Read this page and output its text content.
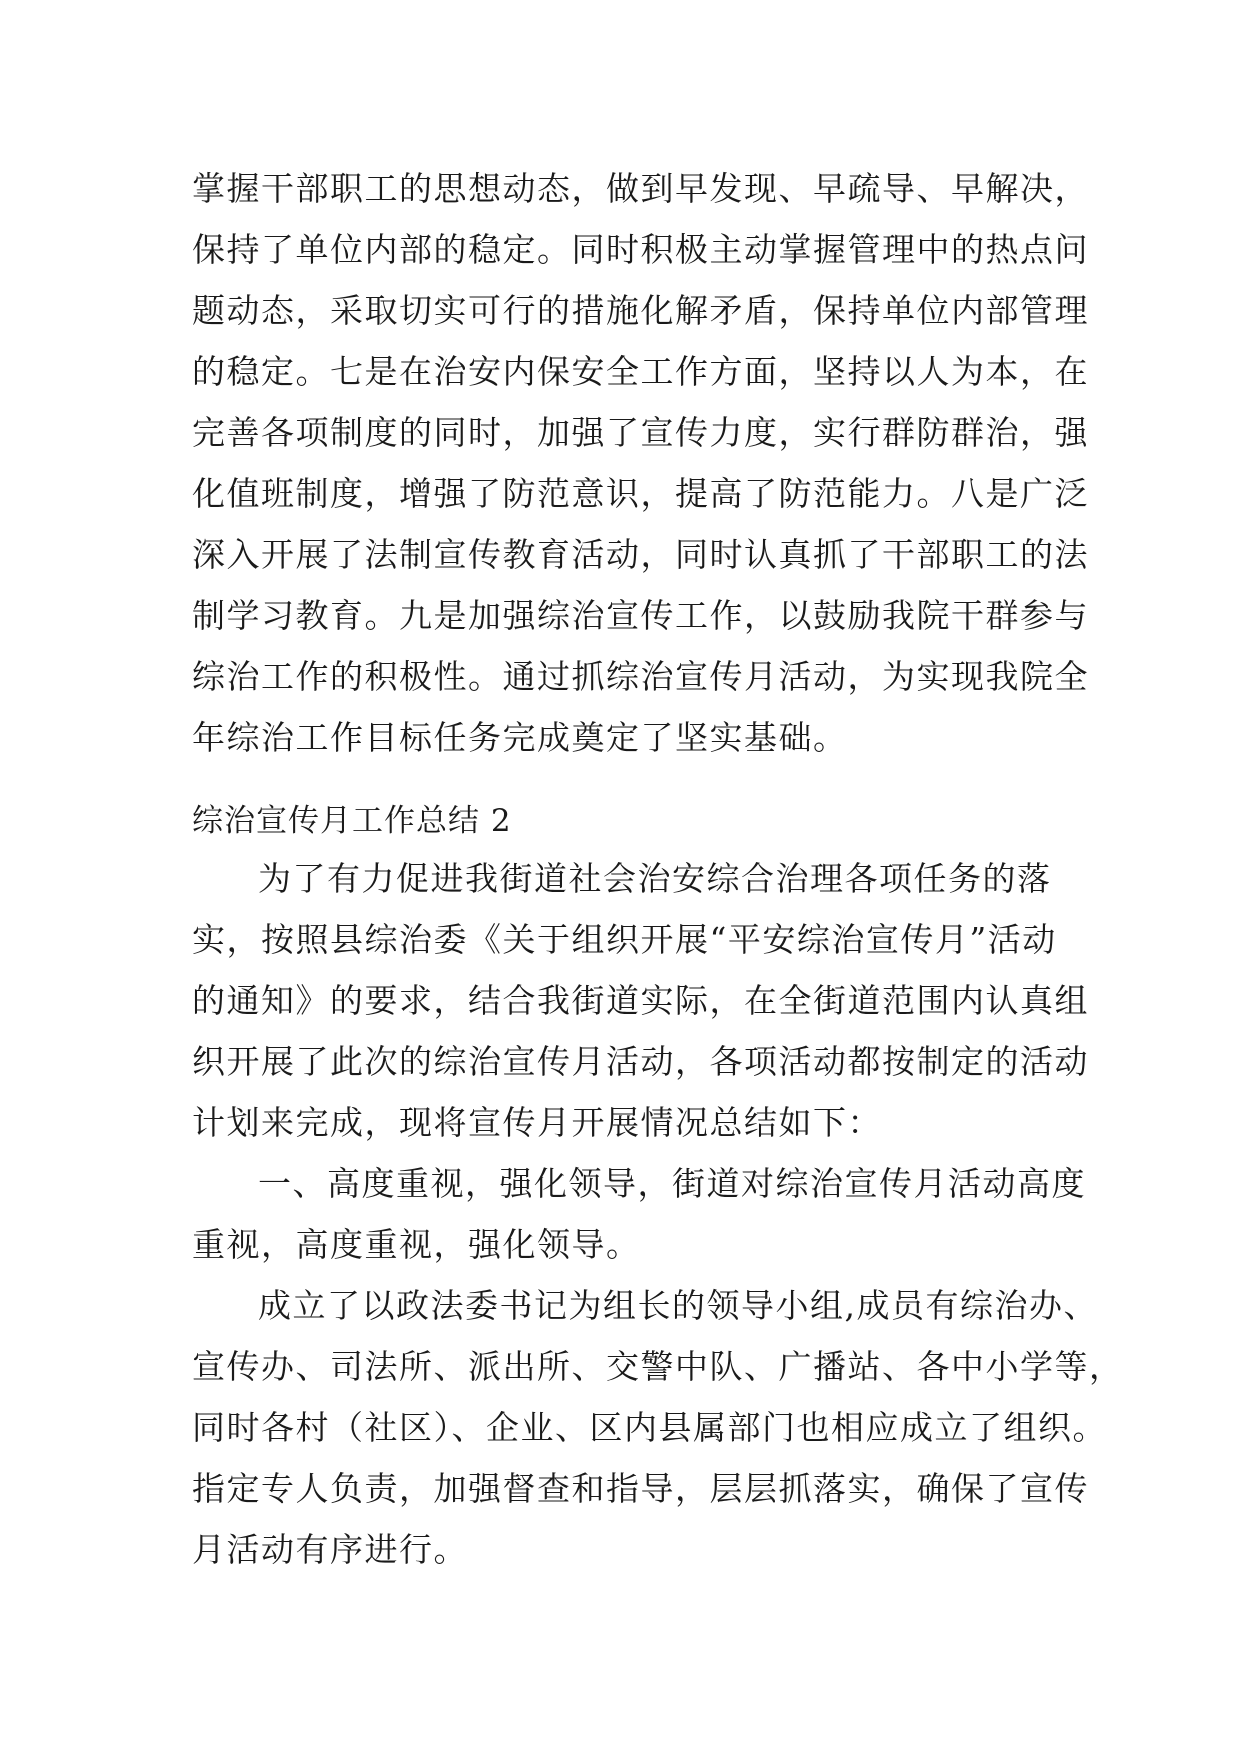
掌握干部职工的思想动态，做到早发现、早疏导、早解决，
保持了单位内部的稳定。同时积极主动掌握管理中的热点问
题动态，采取切实可行的措施化解矛盾，保持单位内部管理
的稳定。七是在治安内保安全工作方面，坚持以人为本，在
完善各项制度的同时，加强了宣传力度，实行群防群治，强
化值班制度，增强了防范意识，提高了防范能力。八是广泛
深入开展了法制宣传教育活动，同时认真抓了干部职工的法
制学习教育。九是加强综治宣传工作，以鼓励我院干群参与
综治工作的积极性。通过抓综治宣传月活动，为实现我院全
年综治工作目标任务完成奠定了坚实基础。
综治宣传月工作总结 2
为了有力促进我街道社会治安综合治理各项任务的落
实，按照县综治委《关于组织开展“平安综治宣传月”活动
的通知》的要求，结合我街道实际，在全街道范围内认真组
织开展了此次的综治宣传月活动，各项活动都按制定的活动
计划来完成，现将宣传月开展情况总结如下：
一、高度重视，强化领导，街道对综治宣传月活动高度
重视，高度重视，强化领导。
成立了以政法委书记为组长的领导小组,成员有综治办、
宣传办、司法所、派出所、交警中队、广播站、各中小学等，
同时各村（社区）、企业、区内县属部门也相应成立了组织。
指定专人负责，加强督查和指导，层层抓落实，确保了宣传
月活动有序进行。
